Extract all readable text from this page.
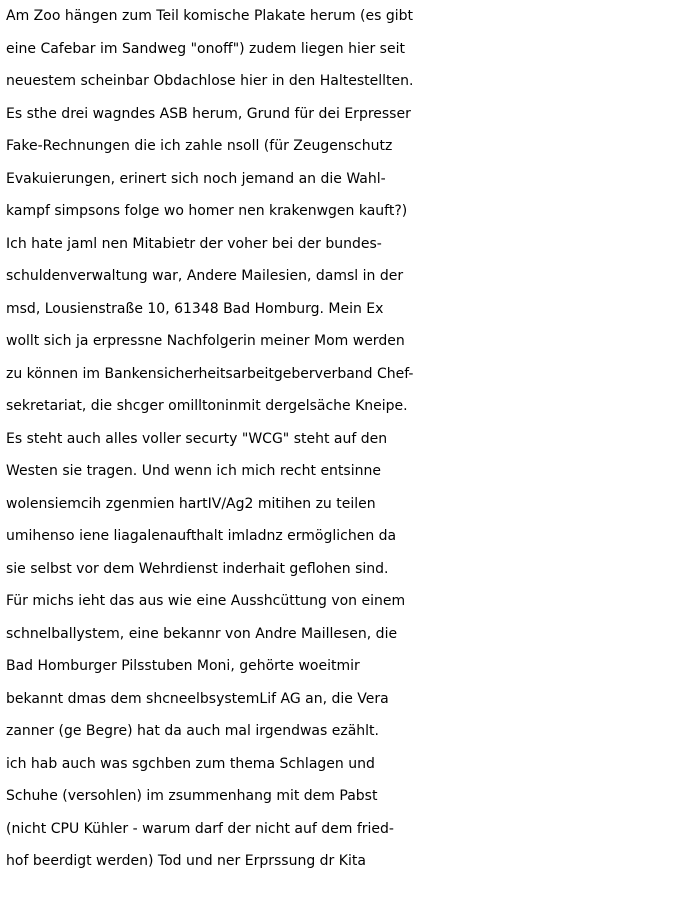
Am Zoo hängen zum Teil komische Plakate herum (es gibt
eine Cafebar im Sandweg "onoff") zudem liegen hier seit
neuestem scheinbar Obdachlose hier in den Haltestellten.
Es sthe drei wagndes ASB herum, Grund für dei Erpresser
Fake-Rechnungen die ich zahle nsoll (für Zeugenschutz
Evakuierungen, erinert sich noch jemand an die Wahl-
kampf simpsons folge wo homer nen krakenwgen kauft?)
Ich hate jaml nen Mitabietr der voher bei der bundes-
schuldenverwaltung war, Andere Mailesien, damsl in der
msd, Lousienstraße 10, 61348 Bad Homburg. Mein Ex
wollt sich ja erpressne Nachfolgerin meiner Mom werden
zu können im Bankensicherheitsarbeitgeberverband Chef-
sekretariat, die shcger omilltoninmit dergelsäche Kneipe.
Es steht auch alles voller securty "WCG" steht auf den
Westen sie tragen. Und wenn ich mich recht entsinne
wolensiemcih zgenmien hartIV/Ag2 mitihen zu teilen
umihenso iene liagalenaufthalt imladnz ermöglichen da
sie selbst vor dem Wehrdienst inderhait geflohen sind.
Für michs ieht das aus wie eine Ausshcüttung von einem
schnelballystem, eine bekannr von Andre Maillesen, die
Bad Homburger Pilsstuben Moni, gehörte woeitmir
bekannt dmas dem shcneelbsystemLif AG an, die Vera
zanner (ge Begre) hat da auch mal irgendwas ezählt.
ich hab auch was sgchben zum thema Schlagen und
Schuhe (versohlen) im zsummenhang mit dem Pabst
(nicht CPU Kühler - warum darf der nicht auf dem fried-
hof beerdigt werden) Tod und ner Erprssung dr Kita
